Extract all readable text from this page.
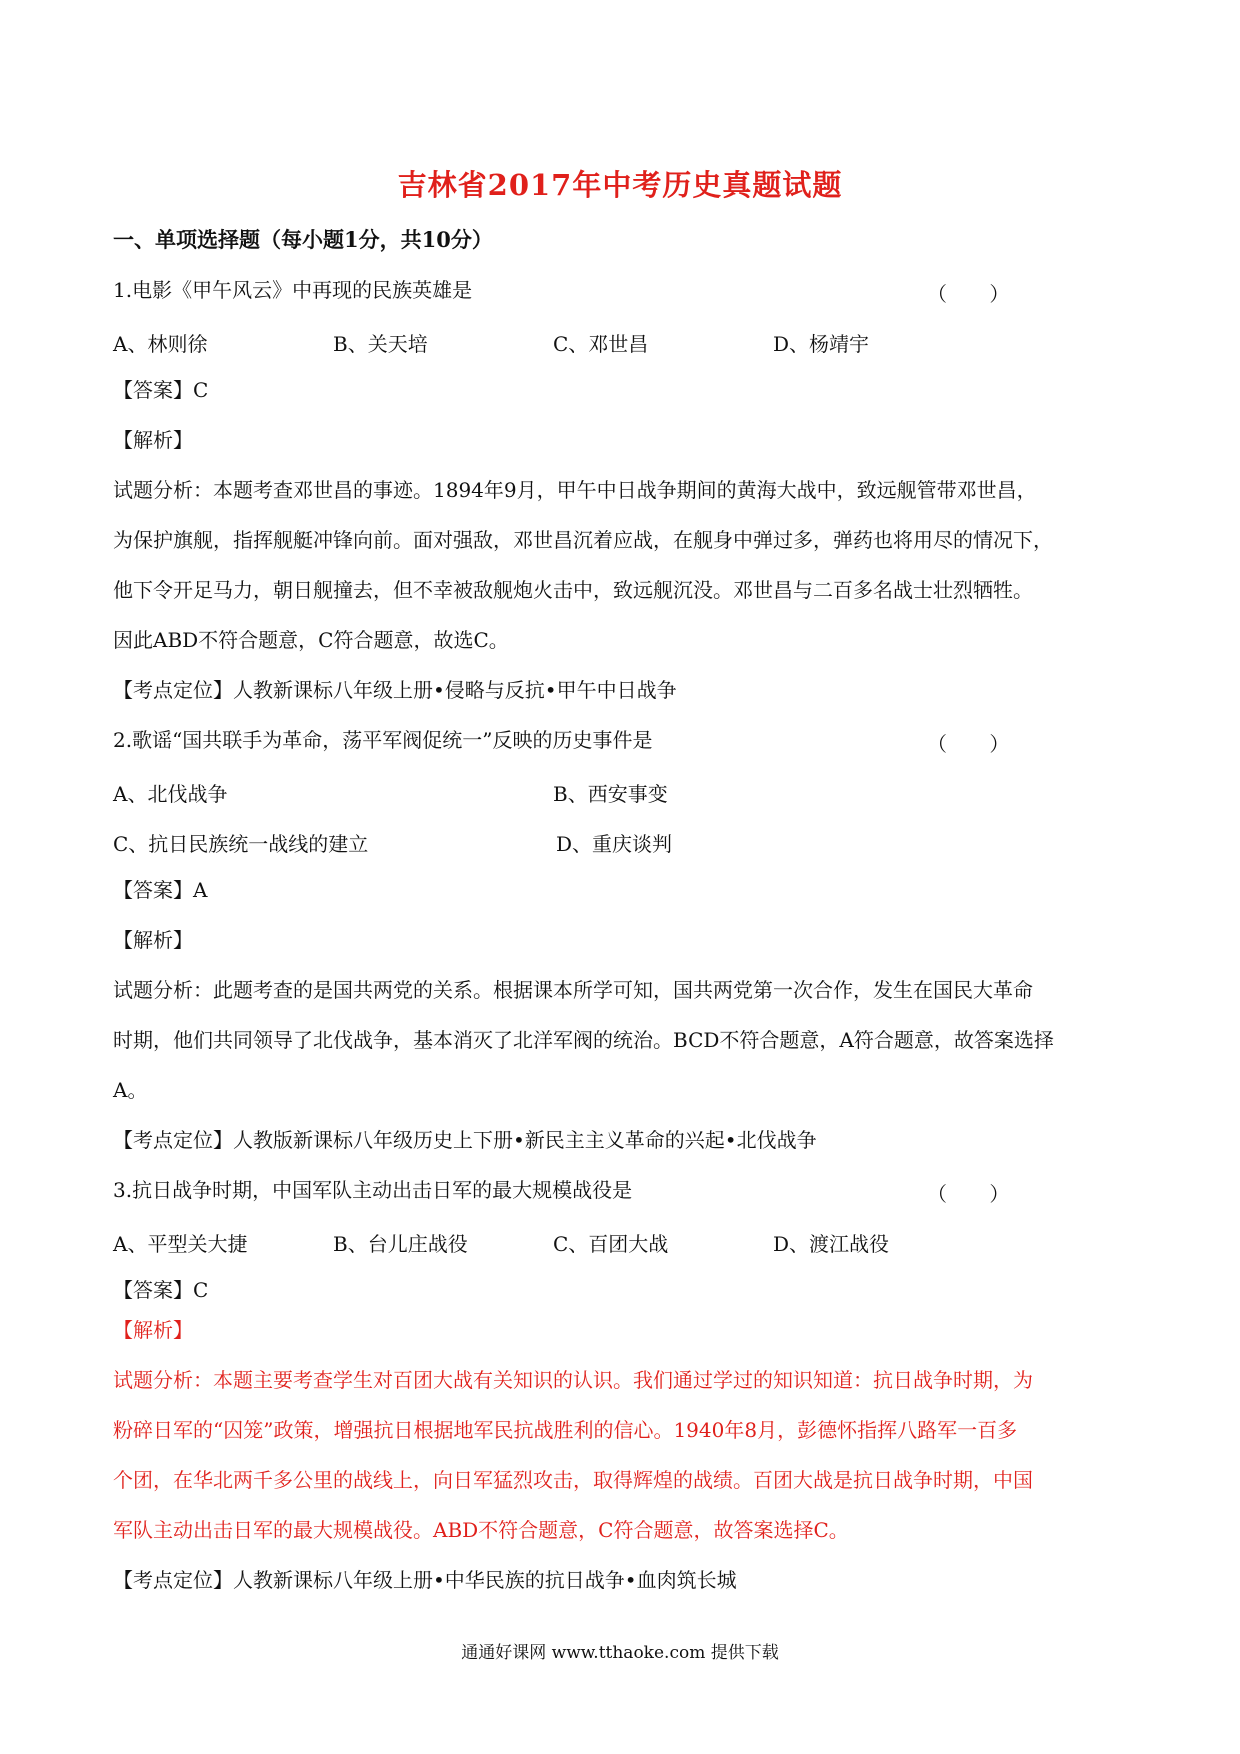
吉林省2017年中考历史真题试题
一、单项选择题（每小题1分，共10分）
1.电影《甲午风云》中再现的民族英雄是	（ ）
A、林则徐	B、关天培	C、邓世昌	D、杨靖宇
【答案】C
【解析】
试题分析：本题考查邓世昌的事迹。1894年9月，甲午中日战争期间的黄海大战中，致远舰管带邓世昌，
为保护旗舰，指挥舰艇冲锋向前。面对强敌，邓世昌沉着应战，在舰身中弹过多，弹药也将用尽的情况下，
他下令开足马力，朝日舰撞去，但不幸被敌舰炮火击中，致远舰沉没。邓世昌与二百多名战士壮烈牺牲。
因此ABD不符合题意，C符合题意，故选C。
【考点定位】人教新课标八年级上册•侵略与反抗•甲午中日战争
2.歌谣“国共联手为革命，荡平军阀促统一”反映的历史事件是	（ ）
A、北伐战争	B、西安事变
C、抗日民族统一战线的建立	D、重庆谈判
【答案】A
【解析】
试题分析：此题考查的是国共两党的关系。根据课本所学可知，国共两党第一次合作，发生在国民大革命
时期，他们共同领导了北伐战争，基本消灭了北洋军阀的统治。BCD不符合题意，A符合题意，故答案选择
A。
【考点定位】人教版新课标八年级历史上下册•新民主主义革命的兴起•北伐战争
3.抗日战争时期，中国军队主动出击日军的最大规模战役是	（ ）
A、平型关大捷	B、台儿庄战役	C、百团大战	D、渡江战役
【答案】C
【解析】
试题分析：本题主要考查学生对百团大战有关知识的认识。我们通过学过的知识知道：抗日战争时期，为
粉碎日军的“囚笼”政策，增强抗日根据地军民抗战胜利的信心。1940年8月，彭德怀指挥八路军一百多
个团，在华北两千多公里的战线上，向日军猛烈攻击，取得辉煌的战绩。百团大战是抗日战争时期，中国
军队主动出击日军的最大规模战役。ABD不符合题意，C符合题意，故答案选择C。
【考点定位】人教新课标八年级上册•中华民族的抗日战争•血肉筑长城
通通好课网 www.tthaoke.com 提供下载
